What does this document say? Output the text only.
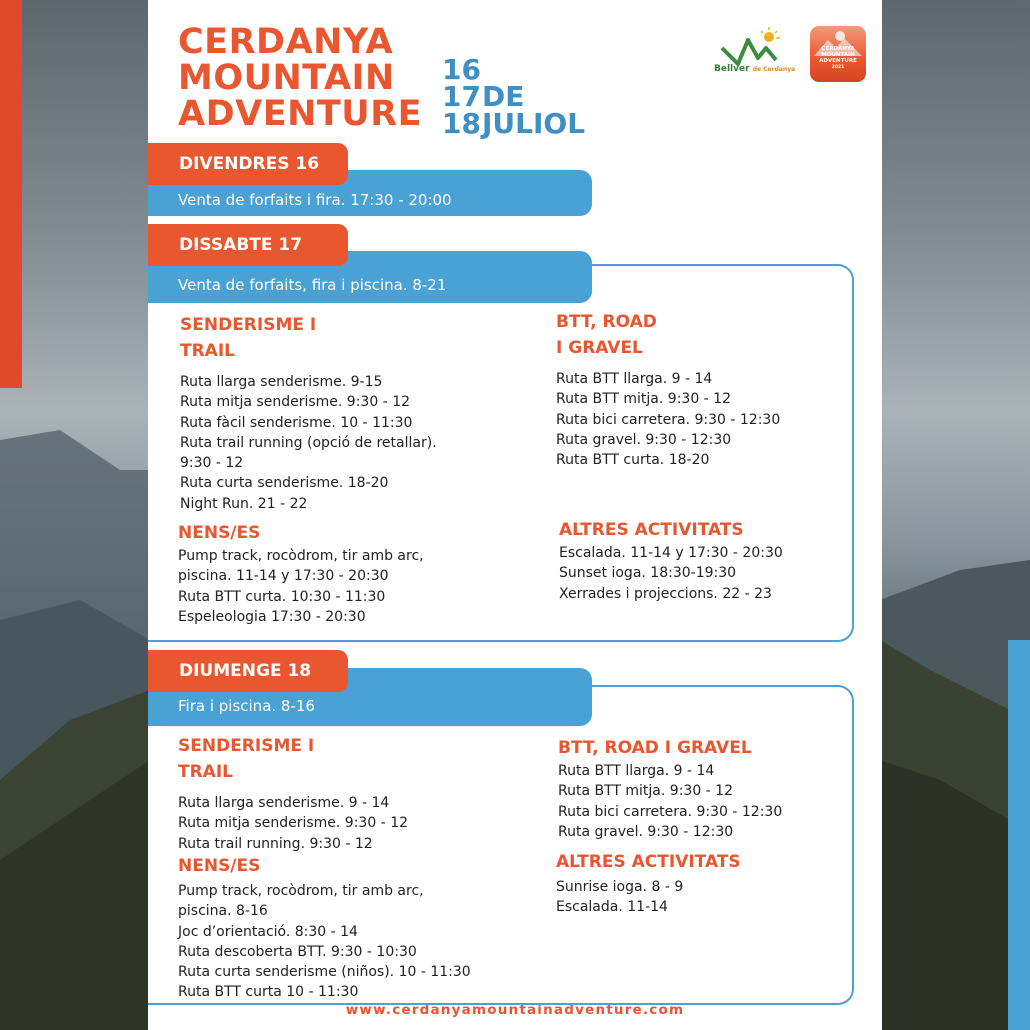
CERDANYA
MOUNTAIN
ADVENTURE
16
17DE
18JULIOL
Bellver de Cerdanya
CERDANYA
MOUNTAIN
ADVENTURE
2021
DIVENDRES 16
Venta de forfaits i fira. 17:30 - 20:00
DISSABTE 17
Venta de forfaits, fira i piscina. 8-21
SENDERISME I
TRAIL
Ruta llarga senderisme. 9-15
Ruta mitja senderisme. 9:30 - 12
Ruta fàcil senderisme. 10 - 11:30
Ruta trail running (opció de retallar).
9:30 - 12
Ruta curta senderisme. 18-20
Night Run. 21 - 22
BTT, ROAD
I GRAVEL
Ruta BTT llarga. 9 - 14
Ruta BTT mitja. 9:30 - 12
Ruta bici carretera. 9:30 - 12:30
Ruta gravel. 9:30 - 12:30
Ruta BTT curta. 18-20
NENS/ES
Pump track, rocòdrom, tir amb arc,
piscina. 11-14 y 17:30 - 20:30
Ruta BTT curta. 10:30 - 11:30
Espeleologia 17:30 - 20:30
ALTRES ACTIVITATS
Escalada. 11-14 y 17:30 - 20:30
Sunset ioga. 18:30-19:30
Xerrades i projeccions. 22 - 23
DIUMENGE 18
Fira i piscina. 8-16
SENDERISME I
TRAIL
Ruta llarga senderisme. 9 - 14
Ruta mitja senderisme. 9:30 - 12
Ruta trail running. 9:30 - 12
BTT, ROAD I GRAVEL
Ruta BTT llarga. 9 - 14
Ruta BTT mitja. 9:30 - 12
Ruta bici carretera. 9:30 - 12:30
Ruta gravel. 9:30 - 12:30
NENS/ES
Pump track, rocòdrom, tir amb arc,
piscina. 8-16
Joc d’orientació. 8:30 - 14
Ruta descoberta BTT. 9:30 - 10:30
Ruta curta senderisme (niños). 10 - 11:30
Ruta BTT curta 10 - 11:30
ALTRES ACTIVITATS
Sunrise ioga. 8 - 9
Escalada. 11-14
www.cerdanyamountainadventure.com
